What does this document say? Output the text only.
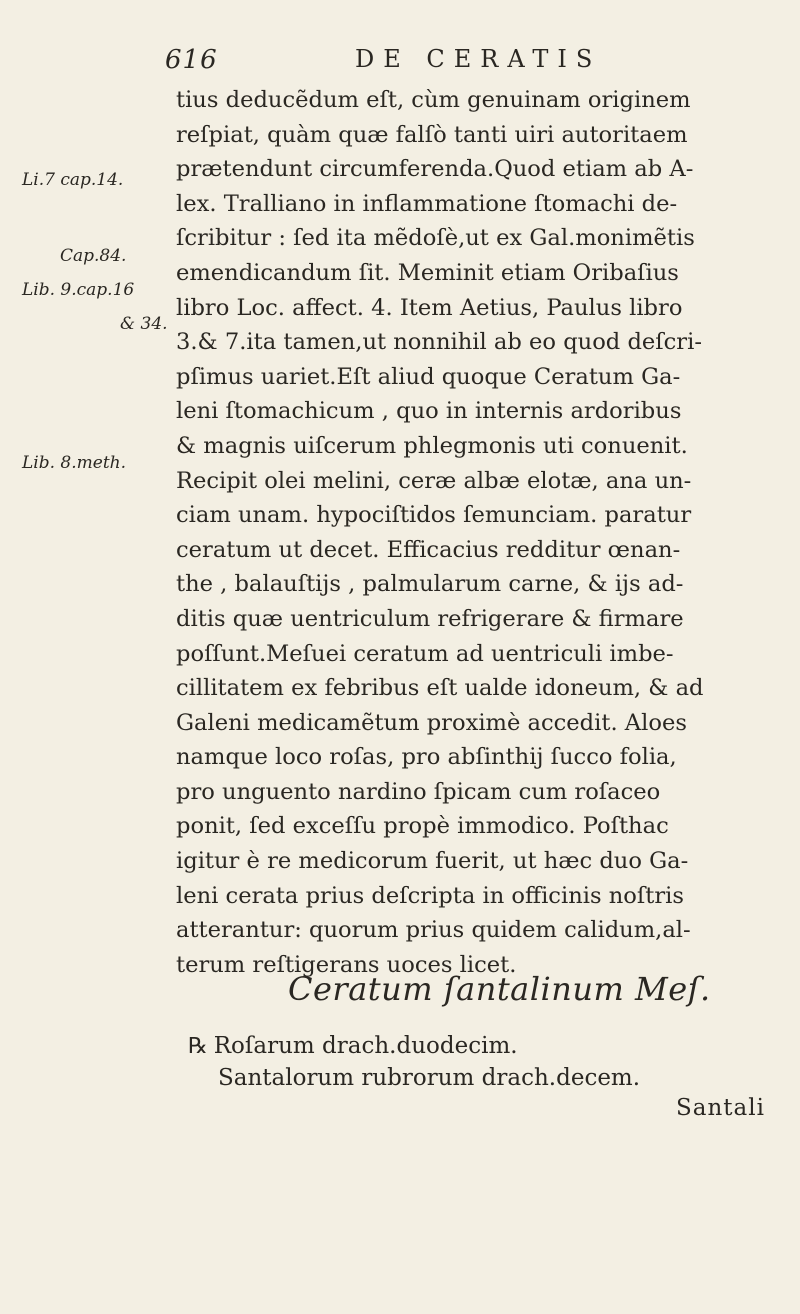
616	DE CERATIS
Li.7 cap.14.
Cap.84.
Lib. 9.cap.16
& 34.
Lib. 8.meth.
tius deducẽdum eſt, cùm genuinam originem
reſpiat, quàm quæ falſò tanti uiri autoritaem
prætendunt circumferenda.Quod etiam ab A-
lex. Tralliano in inflammatione ſtomachi de-
ſcribitur : ſed ita mẽdoſè,ut ex Gal.monimẽtis
emendicandum ſit. Meminit etiam Oribaſius
libro Loc. affect. 4. Item Aetius, Paulus libro
3.& 7.ita tamen,ut nonnihil ab eo quod deſcri-
pſimus uariet.Eſt aliud quoque Ceratum Ga-
leni ſtomachicum , quo in internis ardoribus
& magnis uiſcerum phlegmonis uti conuenit.
Recipit olei melini, ceræ albæ elotæ, ana un-
ciam unam. hypociſtidos ſemunciam. paratur
ceratum ut decet. Efficacius redditur œnan-
the , balauſtijs , palmularum carne, & ijs ad-
ditis quæ uentriculum refrigerare & firmare
poſſunt.Meſuei ceratum ad uentriculi imbe-
cillitatem ex febribus eſt ualde idoneum, & ad
Galeni medicamẽtum proximè accedit. Aloes
namque loco roſas, pro abſinthij ſucco folia,
pro unguento nardino ſpicam cum roſaceo
ponit, ſed exceſſu propè immodico. Poſthac
igitur è re medicorum fuerit, ut hæc duo Ga-
leni cerata prius deſcripta in officinis noſtris
atterantur: quorum prius quidem calidum,al-
terum reſtigerans uoces licet.
Ceratum ſantalinum Meſ.
℞ Roſarum drach.duodecim.
Santalorum rubrorum drach.decem.
Santali
